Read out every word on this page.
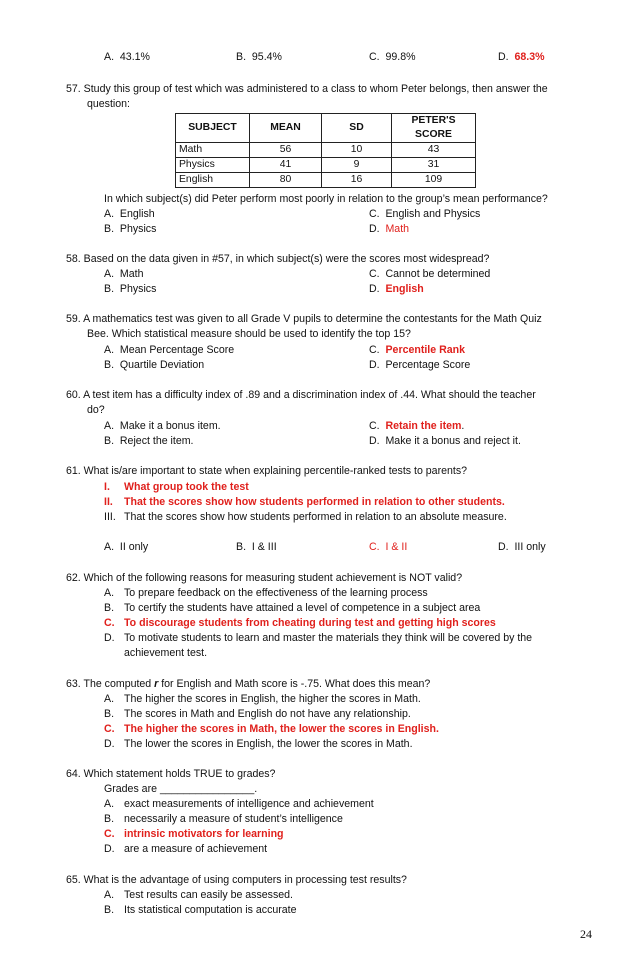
A. 43.1%	B. 95.4%	C. 99.8%	D. 68.3%
57. Study this group of test which was administered to a class to whom Peter belongs, then answer the
question:
SUBJECT	MEAN	SD	PETER'S SCORE
Math	56	10	43
Physics	41	9	31
English	80	16	109
In which subject(s) did Peter perform most poorly in relation to the group’s mean performance?
A. English
B. Physics
C. English and Physics
D. Math
58. Based on the data given in #57, in which subject(s) were the scores most widespread?
A. Math
B. Physics
C. Cannot be determined
D. English
59. A mathematics test was given to all Grade V pupils to determine the contestants for the Math Quiz
Bee. Which statistical measure should be used to identify the top 15?
A. Mean Percentage Score
B. Quartile Deviation
C. Percentile Rank
D. Percentage Score
60. A test item has a difficulty index of .89 and a discrimination index of .44. What should the teacher
do?
A. Make it a bonus item.
B. Reject the item.
C. Retain the item.
D. Make it a bonus and reject it.
61. What is/are important to state when explaining percentile-ranked tests to parents?
I. What group took the test
II. That the scores show how students performed in relation to other students.
III. That the scores show how students performed in relation to an absolute measure.
A. II only	B. I & III	C. I & II	D. III only
62. Which of the following reasons for measuring student achievement is NOT valid?
A. To prepare feedback on the effectiveness of the learning process
B. To certify the students have attained a level of competence in a subject area
C. To discourage students from cheating during test and getting high scores
D. To motivate students to learn and master the materials they think will be covered by the
achievement test.
63. The computed r for English and Math score is -.75. What does this mean?
A. The higher the scores in English, the higher the scores in Math.
B. The scores in Math and English do not have any relationship.
C. The higher the scores in Math, the lower the scores in English.
D. The lower the scores in English, the lower the scores in Math.
64. Which statement holds TRUE to grades?
Grades are ________________.
A. exact measurements of intelligence and achievement
B. necessarily a measure of student’s intelligence
C. intrinsic motivators for learning
D. are a measure of achievement
65. What is the advantage of using computers in processing test results?
A. Test results can easily be assessed.
B. Its statistical computation is accurate
24
